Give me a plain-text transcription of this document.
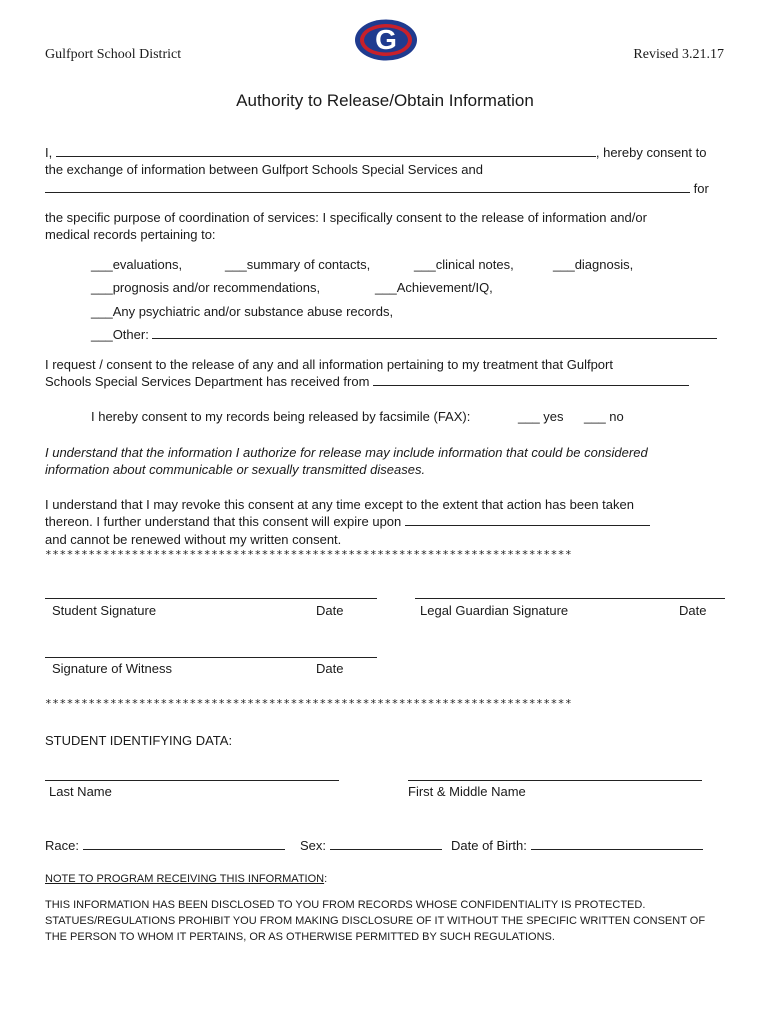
Gulfport School District	Revised 3.21.17
G
Authority to Release/Obtain Information
I,	, hereby consent to
the exchange of information between Gulfport Schools Special Services and
for
the specific purpose of coordination of services: I specifically consent to the release of information and/or
medical records pertaining to:
___evaluations,	___summary of contacts,	___clinical notes,	___diagnosis,
___prognosis and/or recommendations,	___Achievement/IQ,
___Any psychiatric and/or substance abuse records,
___Other:
I request / consent to the release of any and all information pertaining to my treatment that Gulfport
Schools Special Services Department has received from
I hereby consent to my records being released by facsimile (FAX):	___ yes ___ no
I understand that the information I authorize for release may include information that could be considered
information about communicable or sexually transmitted diseases.
I understand that I may revoke this consent at any time except to the extent that action has been taken
thereon. I further understand that this consent will expire upon
and cannot be renewed without my written consent.
*************************************************************************
Student Signature	Date	Legal Guardian Signature	Date
Signature of Witness	Date
*************************************************************************
STUDENT IDENTIFYING DATA:
Last Name	First & Middle Name
Race:	Sex:	Date of Birth:
NOTE TO PROGRAM RECEIVING THIS INFORMATION:
THIS INFORMATION HAS BEEN DISCLOSED TO YOU FROM RECORDS WHOSE CONFIDENTIALITY IS PROTECTED.
STATUES/REGULATIONS PROHIBIT YOU FROM MAKING DISCLOSURE OF IT WITHOUT THE SPECIFIC WRITTEN CONSENT OF
THE PERSON TO WHOM IT PERTAINS, OR AS OTHERWISE PERMITTED BY SUCH REGULATIONS.
